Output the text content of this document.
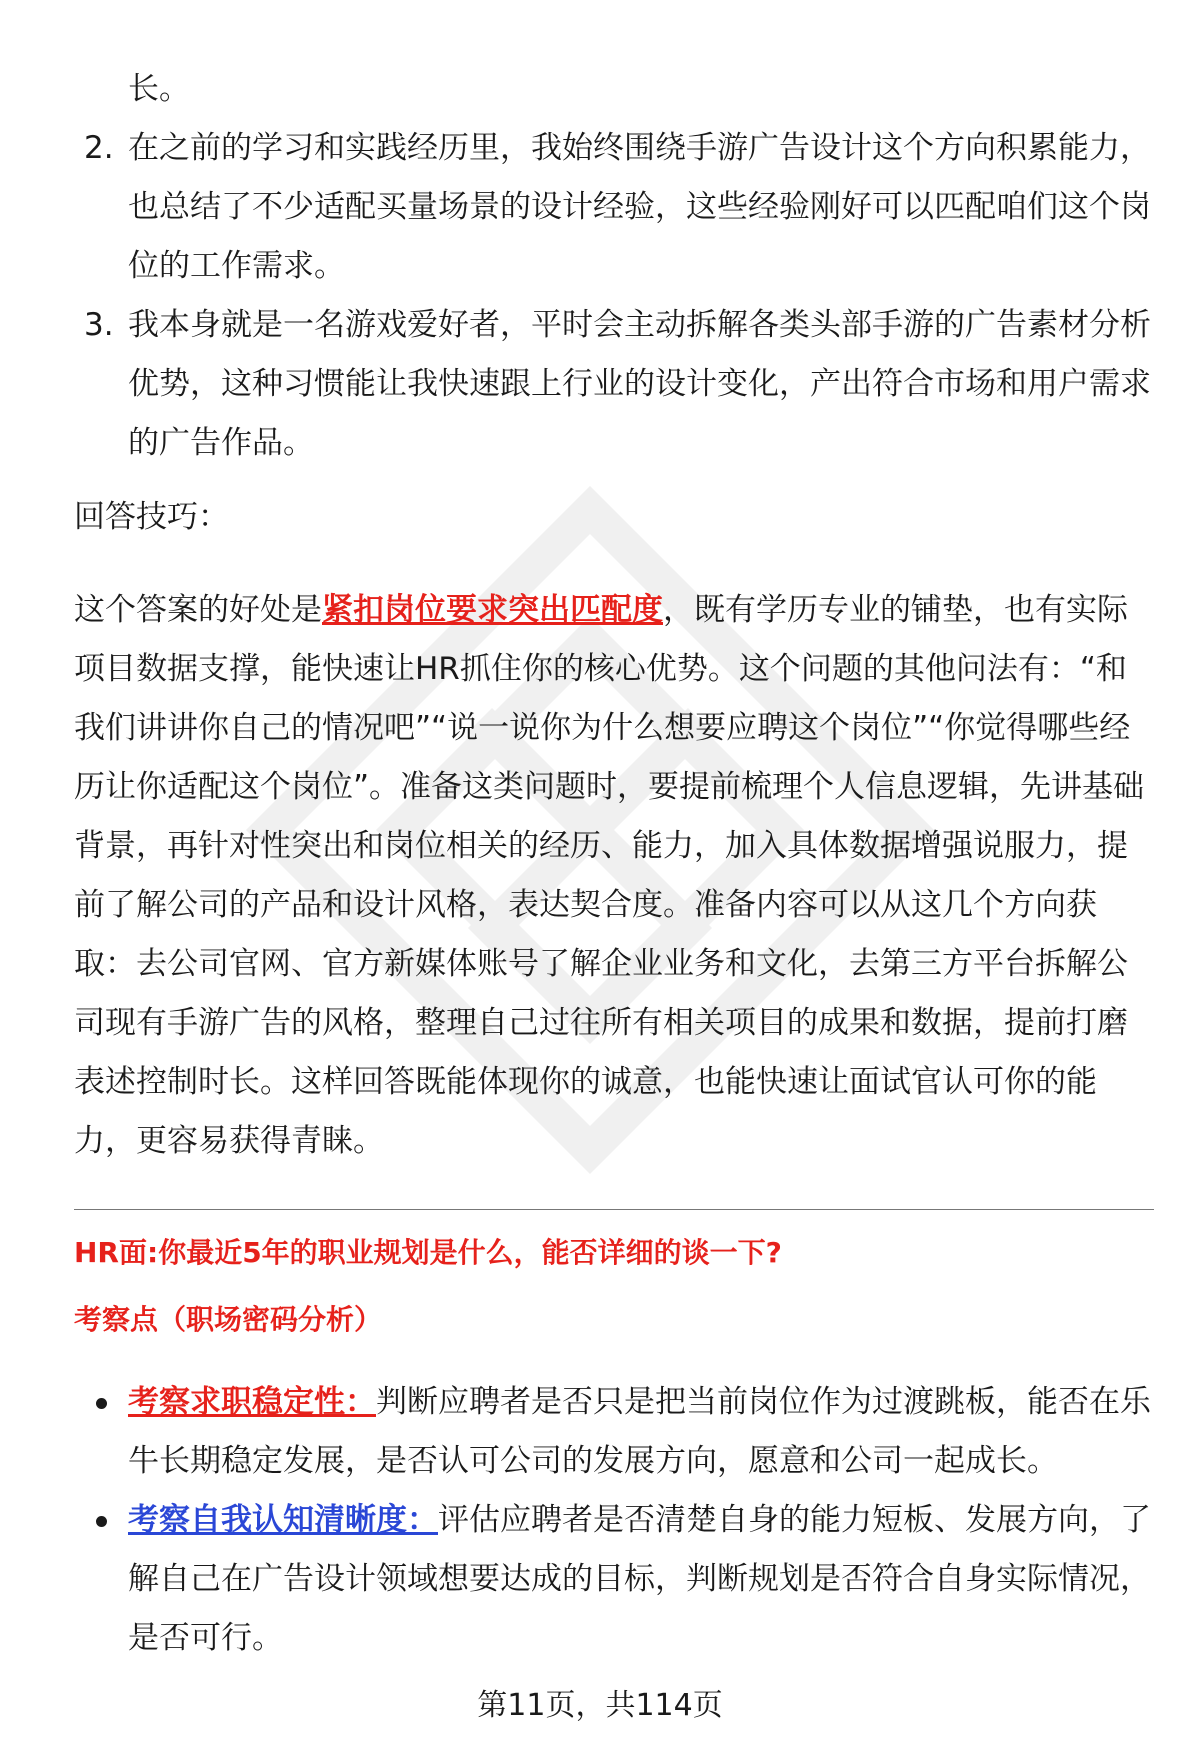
长。
2. 在之前的学习和实践经历里，我始终围绕手游广告设计这个方向积累能力，也总结了不少适配买量场景的设计经验，这些经验刚好可以匹配咱们这个岗位的工作需求。
3. 我本身就是一名游戏爱好者，平时会主动拆解各类头部手游的广告素材分析优势，这种习惯能让我快速跟上行业的设计变化，产出符合市场和用户需求的广告作品。
回答技巧：
这个答案的好处是紧扣岗位要求突出匹配度，既有学历专业的铺垫，也有实际项目数据支撑，能快速让HR抓住你的核心优势。这个问题的其他问法有：“和我们讲讲你自己的情况吧”“说一说你为什么想要应聘这个岗位”“你觉得哪些经历让你适配这个岗位”。准备这类问题时，要提前梳理个人信息逻辑，先讲基础背景，再针对性突出和岗位相关的经历、能力，加入具体数据增强说服力，提前了解公司的产品和设计风格，表达契合度。准备内容可以从这几个方向获取：去公司官网、官方新媒体账号了解企业业务和文化，去第三方平台拆解公司现有手游广告的风格，整理自己过往所有相关项目的成果和数据，提前打磨表述控制时长。这样回答既能体现你的诚意，也能快速让面试官认可你的能力，更容易获得青睐。
HR面:你最近5年的职业规划是什么，能否详细的谈一下?
考察点（职场密码分析）
考察求职稳定性：判断应聘者是否只是把当前岗位作为过渡跳板，能否在乐牛长期稳定发展，是否认可公司的发展方向，愿意和公司一起成长。
考察自我认知清晰度：评估应聘者是否清楚自身的能力短板、发展方向，了解自己在广告设计领域想要达成的目标，判断规划是否符合自身实际情况，是否可行。
第11页，共114页
